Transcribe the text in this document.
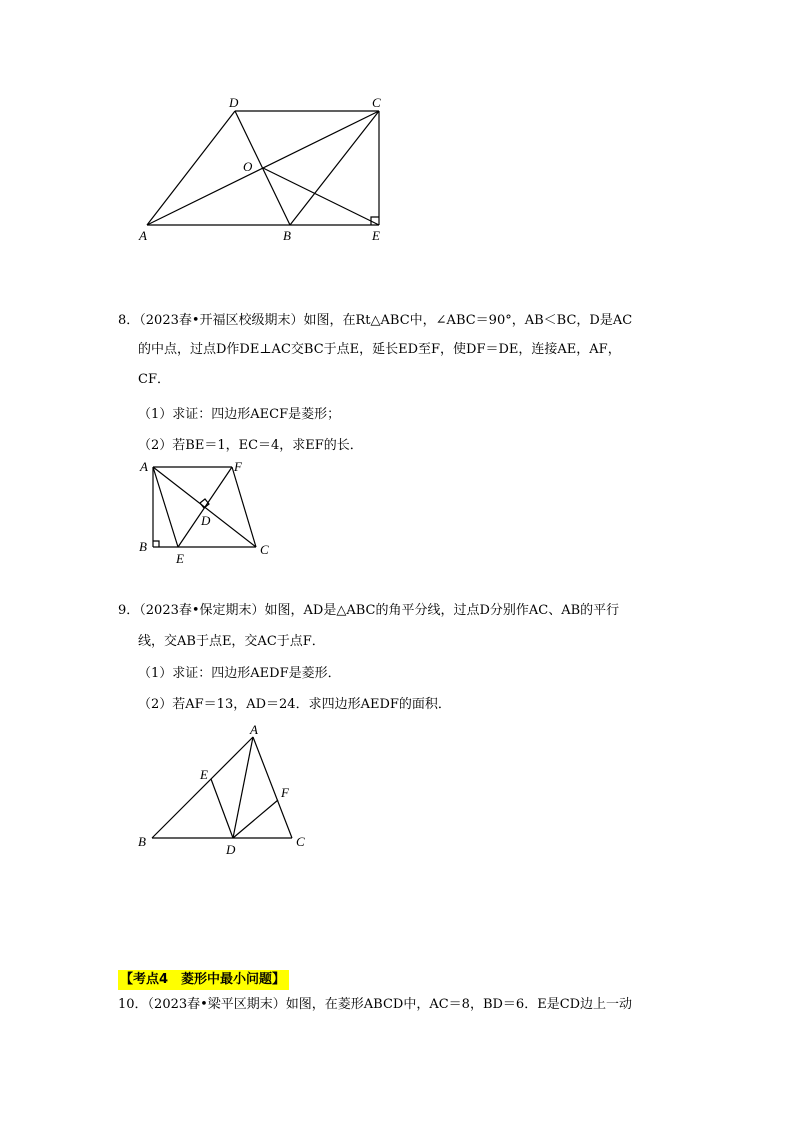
A	B
C
D
E
O
8．（2023春•开福区校级期末）如图，在Rt△ABC中，∠ABC＝90°，AB＜BC，D是AC
的中点，过点D作DE⊥AC交BC于点E，延长ED至F，使DF＝DE，连接AE，AF，
CF．
（1）求证：四边形AECF是菱形；
（2）若BE＝1，EC＝4，求EF的长．
A	F
D
B
E
C
9．（2023春•保定期末）如图，AD是△ABC的角平分线，过点D分别作AC、AB的平行
线，交AB于点E，交AC于点F．
（1）求证：四边形AEDF是菱形．
（2）若AF＝13，AD＝24．求四边形AEDF的面积．
A
E
F
B
D
C
【考点4　菱形中最小问题】
10．（2023春•梁平区期末）如图，在菱形ABCD中，AC＝8，BD＝6．E是CD边上一动
